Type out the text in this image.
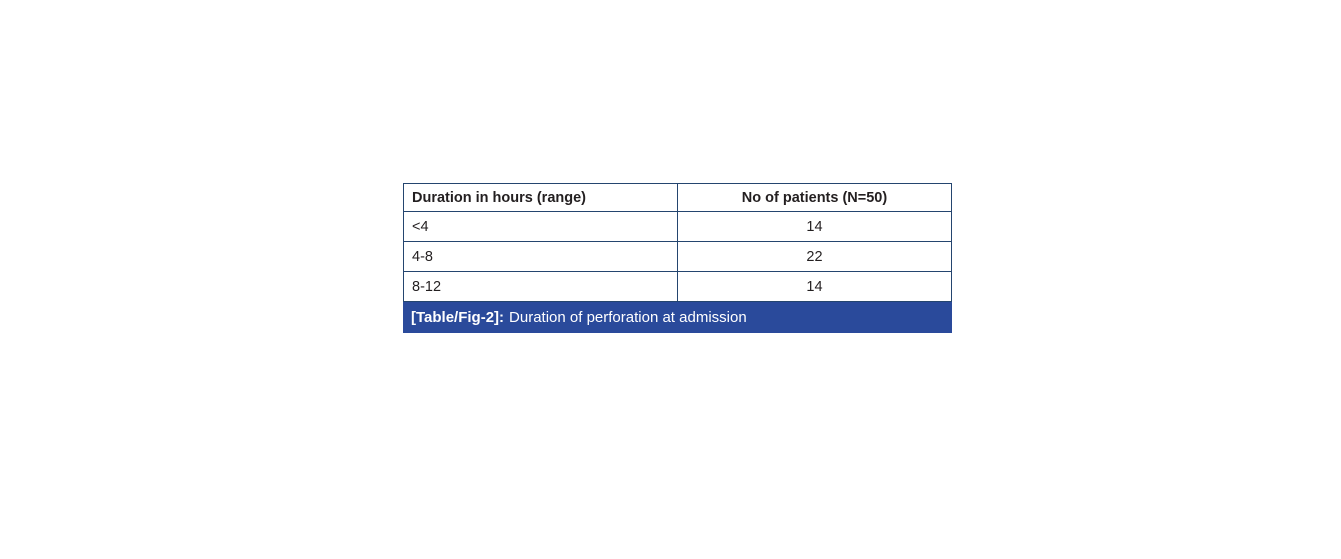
Duration in hours (range)	No of patients (N=50)
<4	14
4-8	22
8-12	14
[Table/Fig-2]: Duration of perforation at admission
